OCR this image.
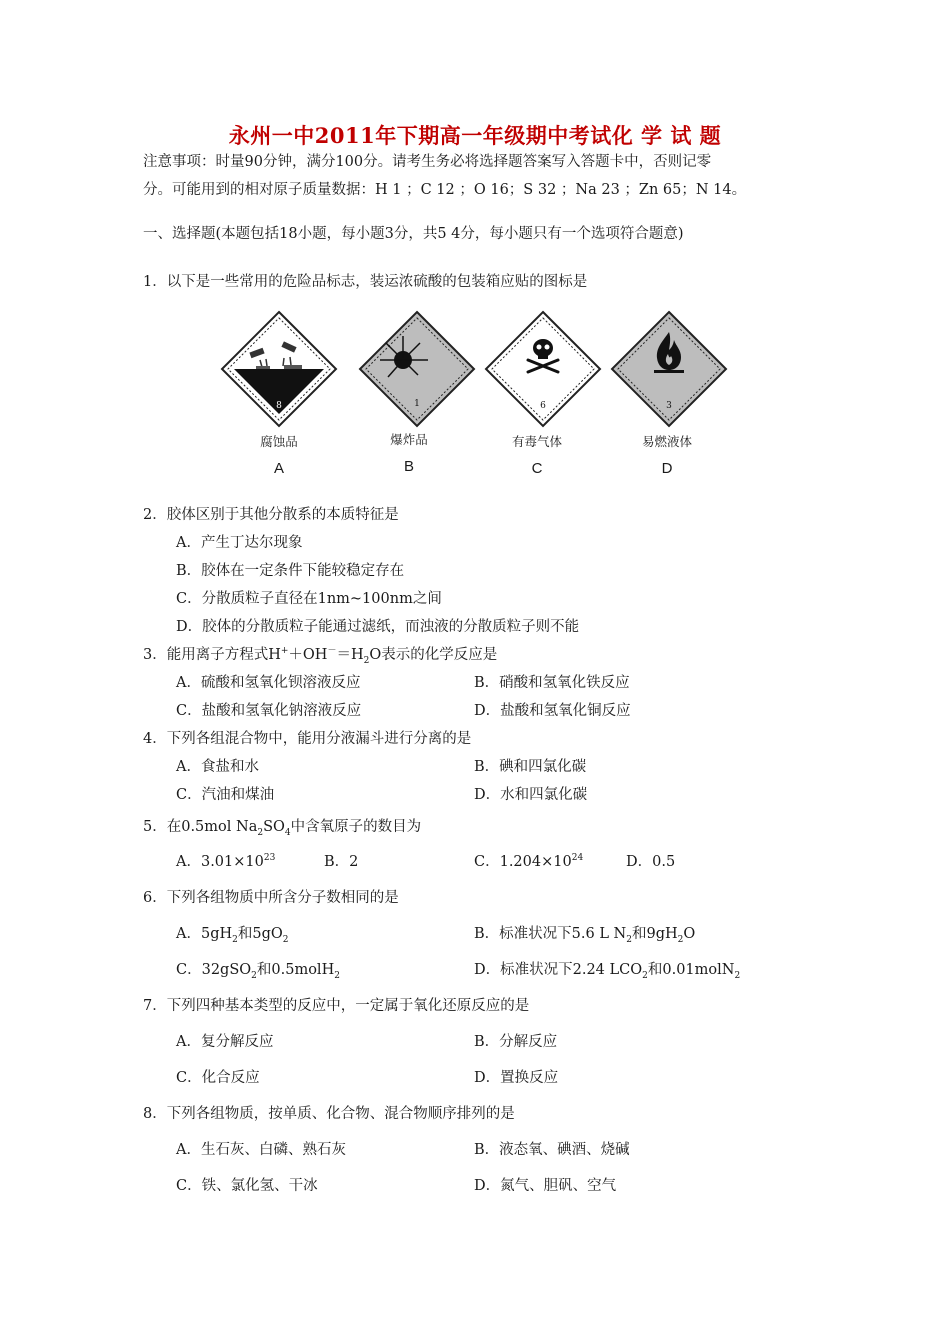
永州一中2011年下期高一年级期中考试化 学 试 题
注意事项：时量90分钟，满分100分。请考生务必将选择题答案写入答题卡中，否则记零
分。可能用到的相对原子质量数据：H 1 ；C 12 ；O 16；S 32 ；Na 23 ；Zn 65；N 14。
一、选择题(本题包括18小题，每小题3分，共5 4分，每小题只有一个选项符合题意)
1．以下是一些常用的危险品标志，装运浓硫酸的包装箱应贴的图标是
8	1	6	3
腐蚀品	爆炸品	有毒气体	易燃液体
A	B	C	D
2．胶体区别于其他分散系的本质特征是
A．产生丁达尔现象
B．胶体在一定条件下能较稳定存在
C．分散质粒子直径在1nm~100nm之间
D．胶体的分散质粒子能通过滤纸，而浊液的分散质粒子则不能
3．能用离子方程式$H^++OH^-=H_2O$表示的化学反应是
A．硫酸和氢氧化钡溶液反应	B．硝酸和氢氧化铁反应
C．盐酸和氢氧化钠溶液反应	D．盐酸和氢氧化铜反应
4．下列各组混合物中，能用分液漏斗进行分离的是
A．食盐和水	B．碘和四氯化碳
C．汽油和煤油	D．水和四氯化碳
5．在0.5mol $Na_2SO_4$中含氧原子的数目为
A．$3.01\times 10^{23}$	B．2	C．$1.204\times 10^{24}$	D．0.5
6．下列各组物质中所含分子数相同的是
A．$5gH_2$和$5gO_2$	B．标准状况下5.6 L $N_2$和$9gH_2O$
C．32gSO$_2$和0.5molH$_2$	D．标准状况下2.24 $LCO_2$和0.01molN$_2$
7．下列四种基本类型的反应中，一定属于氧化还原反应的是
A．复分解反应	B．分解反应
C．化合反应	D．置换反应
8．下列各组物质，按单质、化合物、混合物顺序排列的是
A．生石灰、白磷、熟石灰	B．液态氧、碘酒、烧碱
C．铁、氯化氢、干冰	D．氮气、胆矾、空气
